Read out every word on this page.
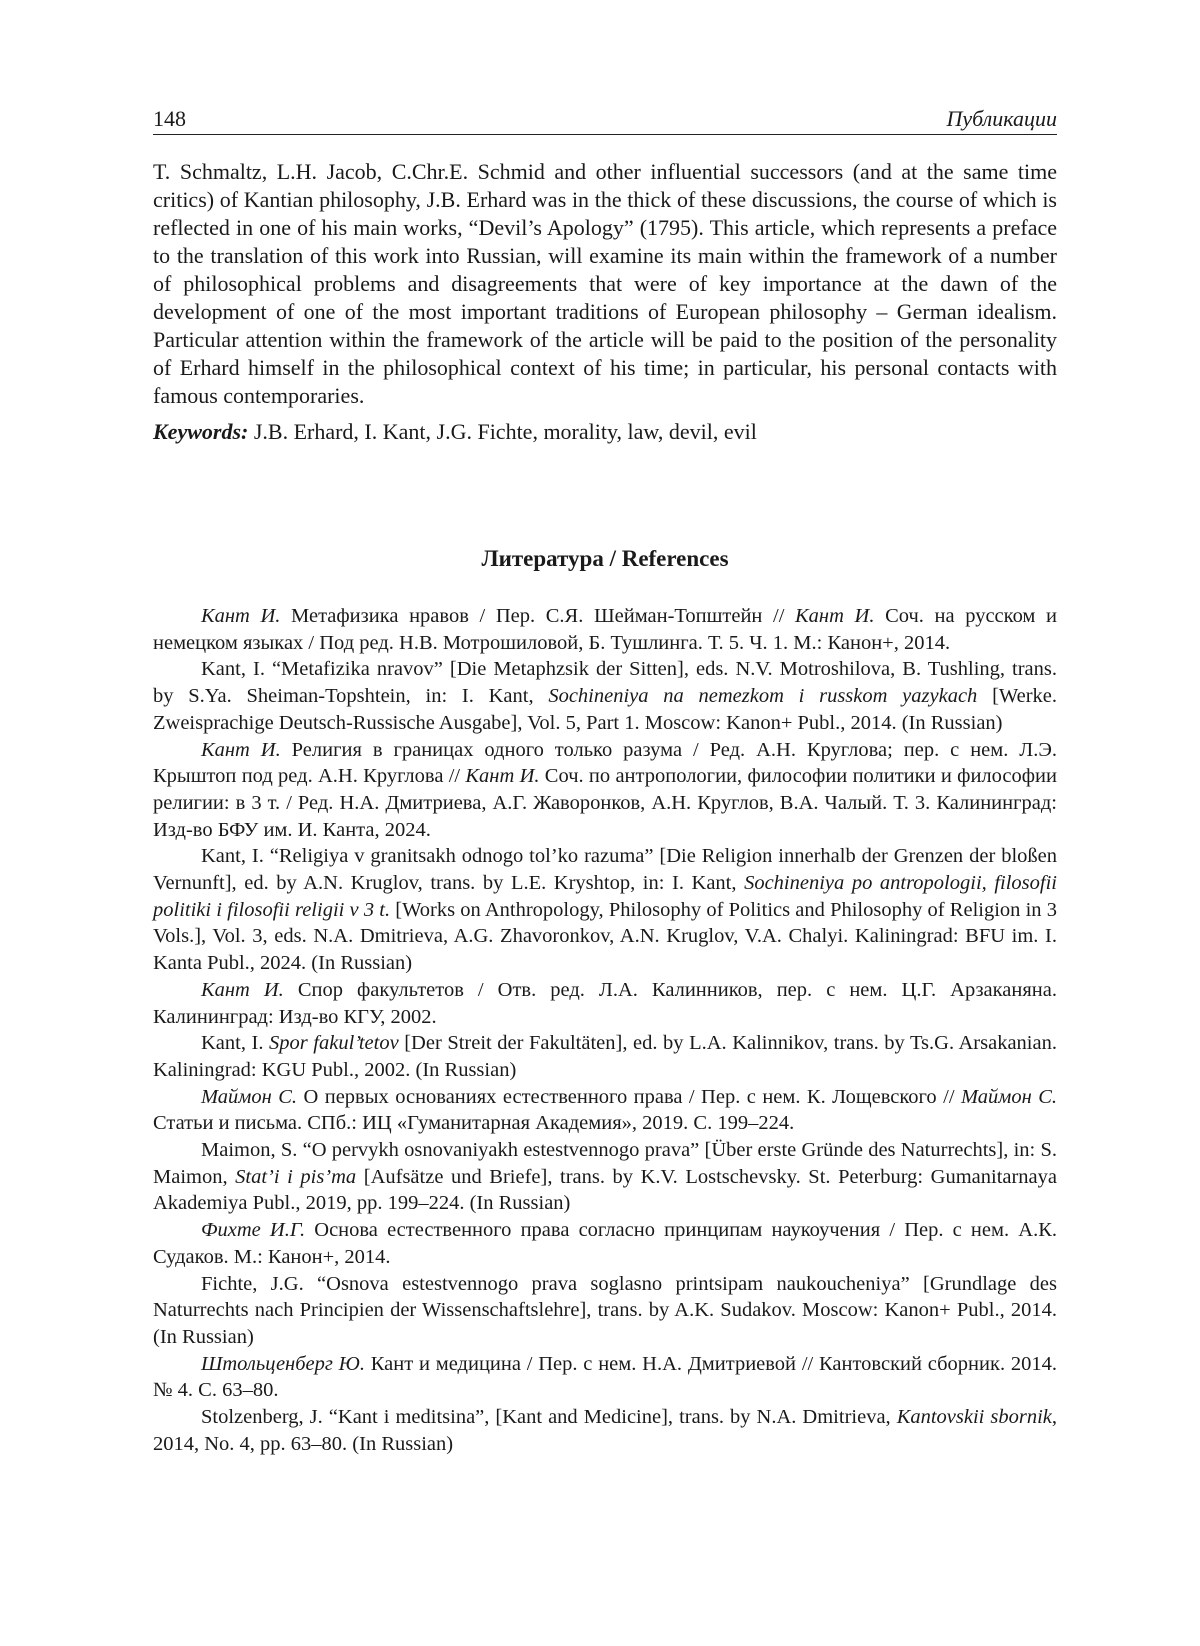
148	Публикации

T. Schmaltz, L.H. Jacob, C.Chr.E. Schmid and other influential successors (and at the same time critics) of Kantian philosophy, J.B. Erhard was in the thick of these discussions, the course of which is reflected in one of his main works, “Devil’s Apology” (1795). This article, which represents a preface to the translation of this work into Russian, will examine its main within the framework of a number of philosophical problems and disagreements that were of key importance at the dawn of the development of one of the most important traditions of European philosophy – German idealism. Particular attention within the framework of the article will be paid to the position of the personality of Erhard himself in the philosophical context of his time; in particular, his personal contacts with famous contemporaries.

Keywords: J.B. Erhard, I. Kant, J.G. Fichte, morality, law, devil, evil

Литература / References

Кант И. Метафизика нравов / Пер. С.Я. Шейман-Топштейн // Кант И. Соч. на русском и немецком языках / Под ред. Н.В. Мотрошиловой, Б. Тушлинга. Т. 5. Ч. 1. М.: Канон+, 2014.

Kant, I. “Metafizika nravov” [Die Metaphzsik der Sitten], eds. N.V. Motroshilova, B. Tushling, trans. by S.Ya. Sheiman-Topshtein, in: I. Kant, Sochineniya na nemezkom i russkom yazykach [Werke. Zweisprachige Deutsch-Russische Ausgabe], Vol. 5, Part 1. Moscow: Kanon+ Publ., 2014. (In Russian)

Кант И. Религия в границах одного только разума / Ред. А.Н. Круглова; пер. с нем. Л.Э. Крыштоп под ред. А.Н. Круглова // Кант И. Соч. по антропологии, философии политики и философии религии: в 3 т. / Ред. Н.А. Дмитриева, А.Г. Жаворонков, А.Н. Круглов, В.А. Чалый. Т. 3. Калининград: Изд-во БФУ им. И. Канта, 2024.

Kant, I. “Religiya v granitsakh odnogo tol’ko razuma” [Die Religion innerhalb der Grenzen der bloßen Vernunft], ed. by A.N. Kruglov, trans. by L.E. Kryshtop, in: I. Kant, Sochineniya po antropologii, filosofii politiki i filosofii religii v 3 t. [Works on Anthropology, Philosophy of Politics and Philosophy of Religion in 3 Vols.], Vol. 3, eds. N.A. Dmitrieva, A.G. Zhavoronkov, A.N. Kruglov, V.A. Chalyi. Kaliningrad: BFU im. I. Kanta Publ., 2024. (In Russian)

Кант И. Спор факультетов / Отв. ред. Л.А. Калинников, пер. с нем. Ц.Г. Арзаканяна. Калининград: Изд-во КГУ, 2002.

Kant, I. Spor fakul’tetov [Der Streit der Fakultäten], ed. by L.A. Kalinnikov, trans. by Ts.G. Arsakanian. Kaliningrad: KGU Publ., 2002. (In Russian)

Маймон С. О первых основаниях естественного права / Пер. с нем. К. Лощевского // Маймон С. Статьи и письма. СПб.: ИЦ «Гуманитарная Академия», 2019. С. 199–224.

Maimon, S. “O pervykh osnovaniyakh estestvennogo prava” [Über erste Gründe des Naturrechts], in: S. Maimon, Stat’i i pis’ma [Aufsätze und Briefe], trans. by K.V. Lostschevsky. St. Peterburg: Gumanitarnaya Akademiya Publ., 2019, pp. 199–224. (In Russian)

Фихте И.Г. Основа естественного права согласно принципам наукоучения / Пер. с нем. А.К. Судаков. М.: Канон+, 2014.

Fichte, J.G. “Osnova estestvennogo prava soglasno printsipam naukoucheniya” [Grundlage des Naturrechts nach Principien der Wissenschaftslehre], trans. by A.K. Sudakov. Moscow: Kanon+ Publ., 2014. (In Russian)

Штольценберг Ю. Кант и медицина / Пер. с нем. Н.А. Дмитриевой // Кантовский сборник. 2014. № 4. С. 63–80.

Stolzenberg, J. “Kant i meditsina”, [Kant and Medicine], trans. by N.A. Dmitrieva, Kantovskii sbornik, 2014, No. 4, pp. 63–80. (In Russian)
